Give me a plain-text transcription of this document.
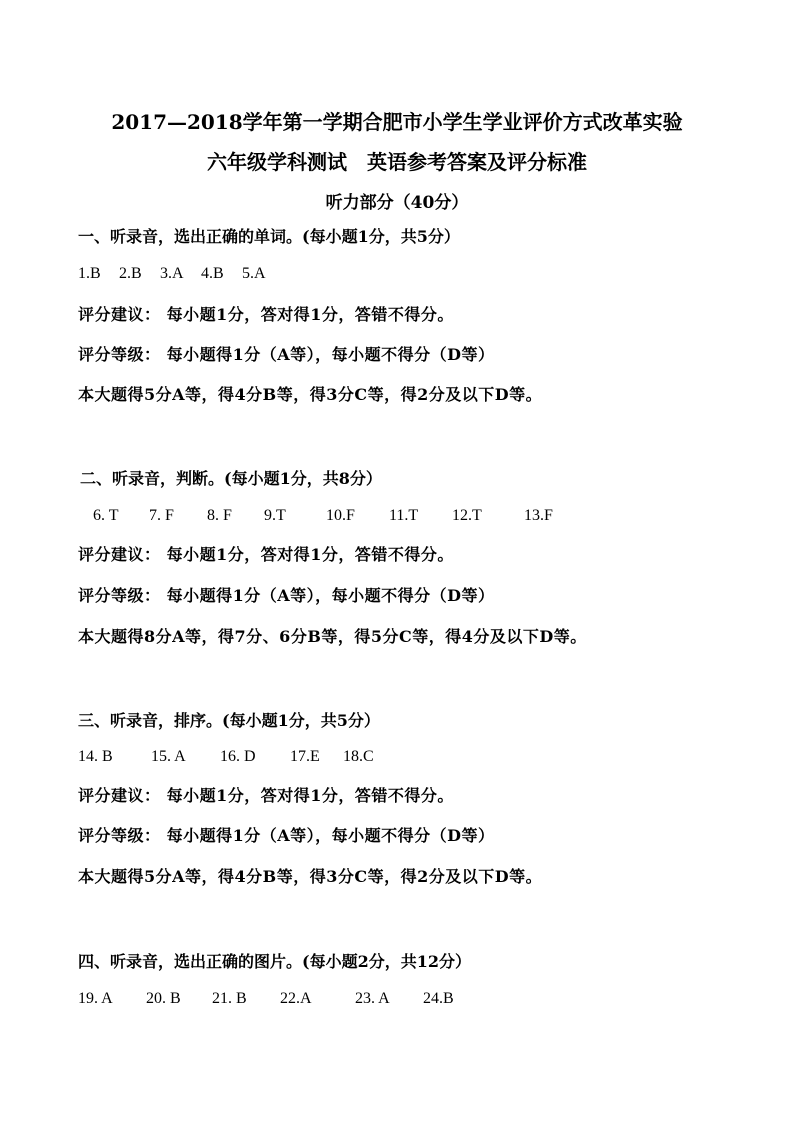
2017—2018学年第一学期合肥市小学生学业评价方式改革实验
六年级学科测试　英语参考答案及评分标准
听力部分（40分）
一、听录音，选出正确的单词。(每小题1分，共5分）
1.B 2.B 3.A 4.B 5.A
评分建议： 每小题1分，答对得1分，答错不得分。
评分等级： 每小题得1分（A等），每小题不得分（D等）
本大题得5分A等，得4分B等，得3分C等，得2分及以下D等。
二、听录音，判断。(每小题1分，共8分）
6. T 7. F 8. F 9.T	10.F 11.T 12.T	13.F
评分建议： 每小题1分，答对得1分，答错不得分。
评分等级： 每小题得1分（A等），每小题不得分（D等）
本大题得8分A等，得7分、6分B等，得5分C等，得4分及以下D等。
三、听录音，排序。(每小题1分，共5分）
14. B 15. A 16. D 17.E 18.C
评分建议： 每小题1分，答对得1分，答错不得分。
评分等级： 每小题得1分（A等），每小题不得分（D等）
本大题得5分A等，得4分B等，得3分C等，得2分及以下D等。
四、听录音，选出正确的图片。(每小题2分，共12分）
19. A 20. B 21. B 22.A	23. A 24.B
